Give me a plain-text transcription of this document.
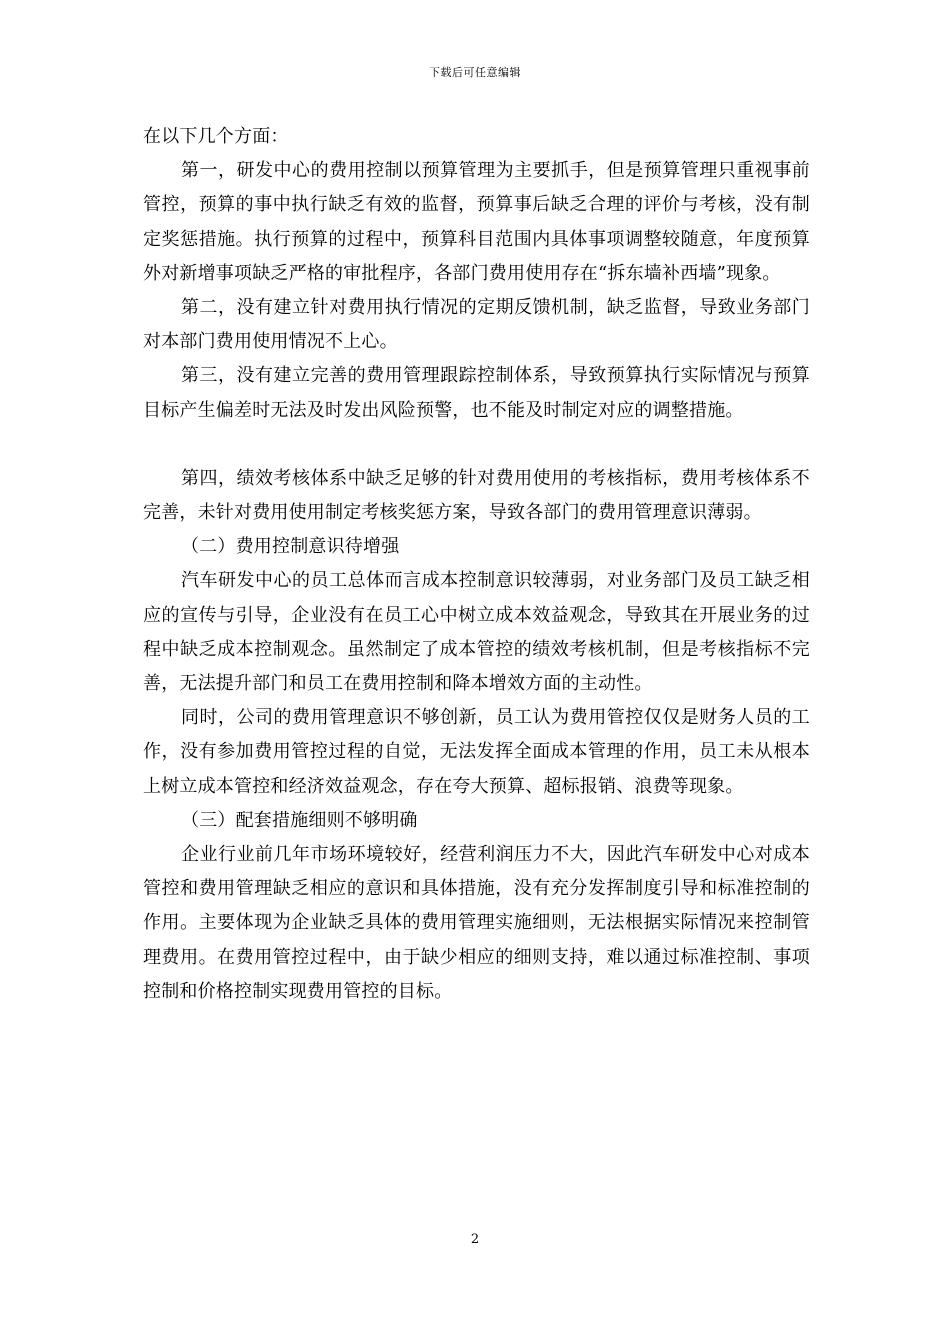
下载后可任意编辑

在以下几个方面：

第一，研发中心的费用控制以预算管理为主要抓手，但是预算管理只重视事前管控，预算的事中执行缺乏有效的监督，预算事后缺乏合理的评价与考核，没有制定奖惩措施。执行预算的过程中，预算科目范围内具体事项调整较随意，年度预算外对新增事项缺乏严格的审批程序，各部门费用使用存在“拆东墙补西墙”现象。

第二，没有建立针对费用执行情况的定期反馈机制，缺乏监督，导致业务部门对本部门费用使用情况不上心。

第三，没有建立完善的费用管理跟踪控制体系，导致预算执行实际情况与预算目标产生偏差时无法及时发出风险预警，也不能及时制定对应的调整措施。

第四，绩效考核体系中缺乏足够的针对费用使用的考核指标，费用考核体系不完善，未针对费用使用制定考核奖惩方案，导致各部门的费用管理意识薄弱。

（二）费用控制意识待增强

汽车研发中心的员工总体而言成本控制意识较薄弱，对业务部门及员工缺乏相应的宣传与引导，企业没有在员工心中树立成本效益观念，导致其在开展业务的过程中缺乏成本控制观念。虽然制定了成本管控的绩效考核机制，但是考核指标不完善，无法提升部门和员工在费用控制和降本增效方面的主动性。

同时，公司的费用管理意识不够创新，员工认为费用管控仅仅是财务人员的工作，没有参加费用管控过程的自觉，无法发挥全面成本管理的作用，员工未从根本上树立成本管控和经济效益观念，存在夸大预算、超标报销、浪费等现象。

（三）配套措施细则不够明确

企业行业前几年市场环境较好，经营利润压力不大，因此汽车研发中心对成本管控和费用管理缺乏相应的意识和具体措施，没有充分发挥制度引导和标准控制的作用。主要体现为企业缺乏具体的费用管理实施细则，无法根据实际情况来控制管理费用。在费用管控过程中，由于缺少相应的细则支持，难以通过标准控制、事项控制和价格控制实现费用管控的目标。

2
